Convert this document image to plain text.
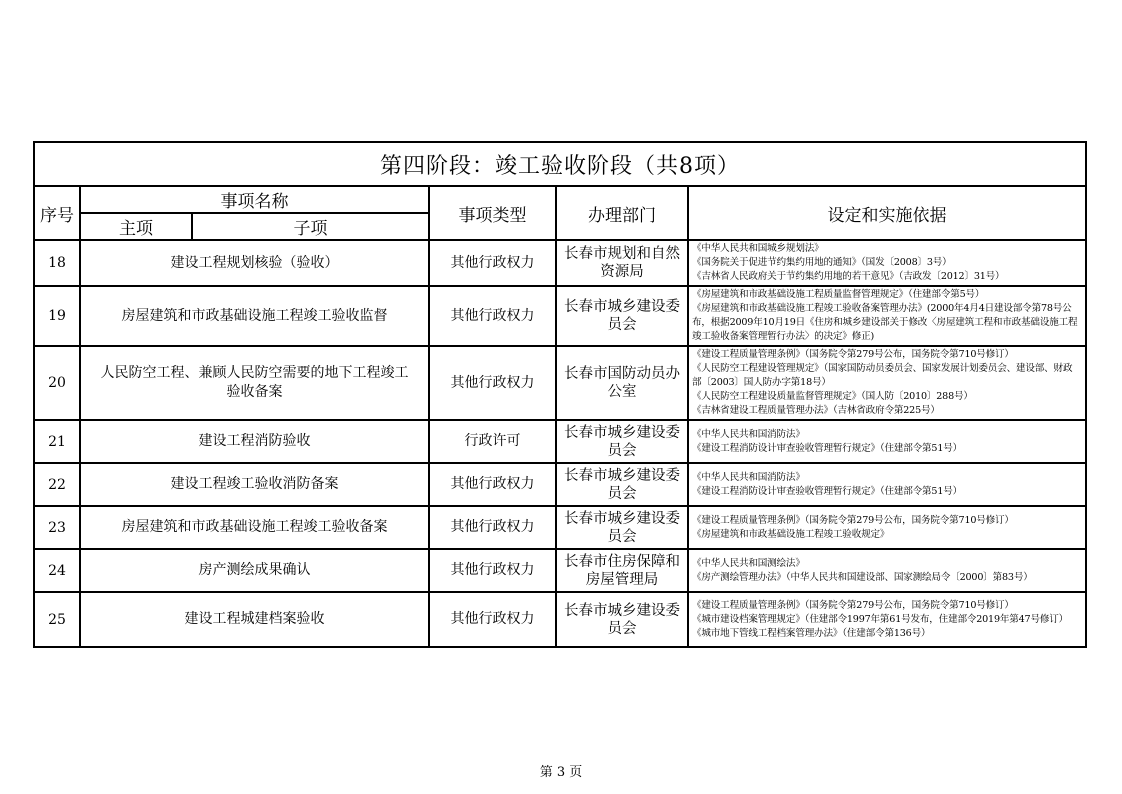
第四阶段：竣工验收阶段（共8项）					
序号	事项名称		事项类型	办理部门	设定和实施依据
	主项	子项			
18	建设工程规划核验（验收）		其他行政权力	长春市规划和自然资源局	《中华人民共和国城乡规划法》
《国务院关于促进节约集约用地的通知》（国发〔2008〕3号）
《吉林省人民政府关于节约集约用地的若干意见》（吉政发〔2012〕31号）

19	房屋建筑和市政基础设施工程竣工验收监督		其他行政权力	长春市城乡建设委员会	《房屋建筑和市政基础设施工程质量监督管理规定》（住建部令第5号）
《房屋建筑和市政基础设施工程竣工验收备案管理办法》(2000年4月4日建设部令第78号公布，根据2009年10月19日《住房和城乡建设部关于修改〈房屋建筑工程和市政基础设施工程竣工验收备案管理暂行办法〉的决定》修正)

20	人民防空工程、兼顾人民防空需要的地下工程竣工验收备案		其他行政权力	长春市国防动员办公室	《建设工程质量管理条例》（国务院令第279号公布，国务院令第710号修订）
《人民防空工程建设管理规定》（国家国防动员委员会、国家发展计划委员会、建设部、财政部〔2003〕国人防办字第18号）
《人民防空工程建设质量监督管理规定》（国人防〔2010〕288号）
《吉林省建设工程质量管理办法》（吉林省政府令第225号）

21	建设工程消防验收		行政许可	长春市城乡建设委员会	《中华人民共和国消防法》
《建设工程消防设计审查验收管理暂行规定》（住建部令第51号）

22	建设工程竣工验收消防备案		其他行政权力	长春市城乡建设委员会	《中华人民共和国消防法》
《建设工程消防设计审查验收管理暂行规定》（住建部令第51号）

23	房屋建筑和市政基础设施工程竣工验收备案		其他行政权力	长春市城乡建设委员会	《建设工程质量管理条例》（国务院令第279号公布，国务院令第710号修订）
《房屋建筑和市政基础设施工程竣工验收规定》

24	房产测绘成果确认		其他行政权力	长春市住房保障和房屋管理局	《中华人民共和国测绘法》
《房产测绘管理办法》（中华人民共和国建设部、国家测绘局令〔2000〕第83号）

25	建设工程城建档案验收		其他行政权力	长春市城乡建设委员会	《建设工程质量管理条例》（国务院令第279号公布，国务院令第710号修订）
《城市建设档案管理规定》（住建部令1997年第61号发布，住建部令2019年第47号修订）
《城市地下管线工程档案管理办法》（住建部令第136号）
第 3 页
